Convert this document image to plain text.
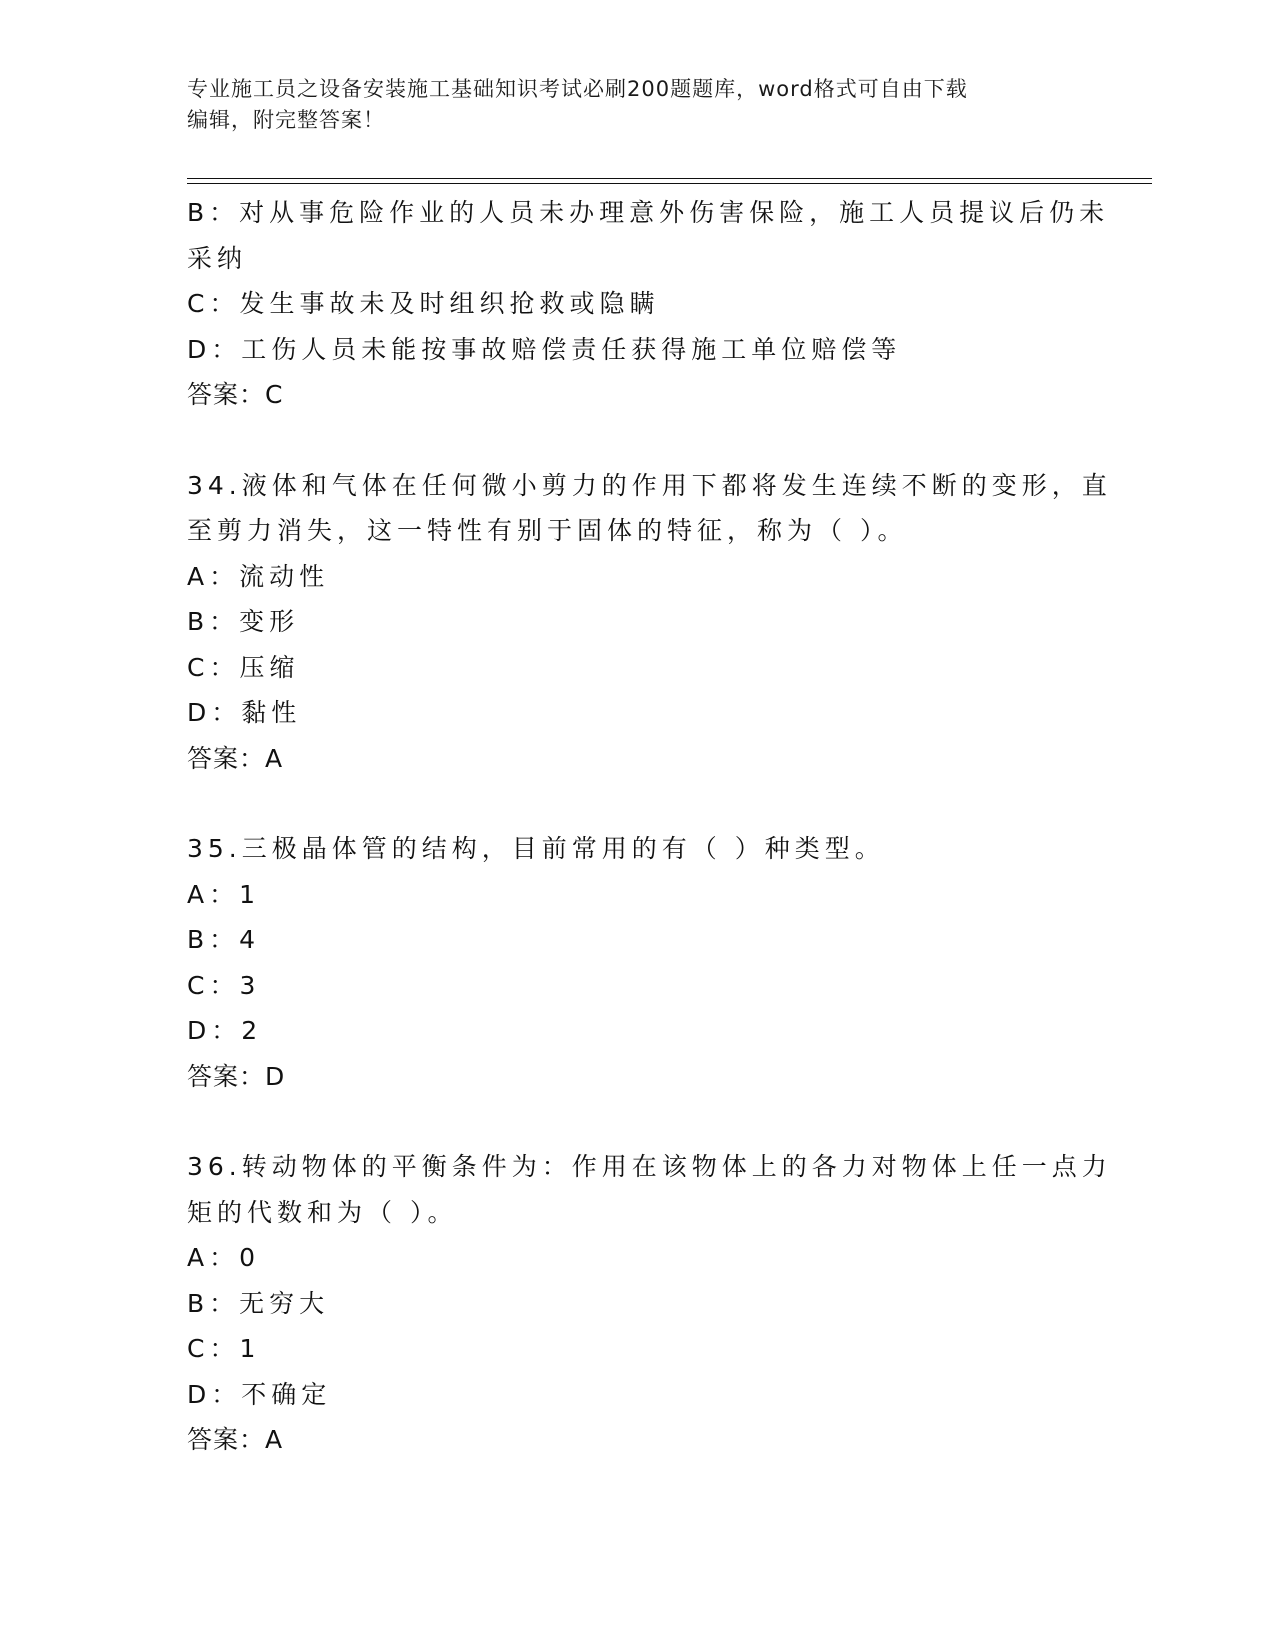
专业施工员之设备安装施工基础知识考试必刷200题题库，word格式可自由下载
编辑，附完整答案！
B：对从事危险作业的人员未办理意外伤害保险，施工人员提议后仍未
采纳
C：发生事故未及时组织抢救或隐瞒
D：工伤人员未能按事故赔偿责任获得施工单位赔偿等
答案：C
34.液体和气体在任何微小剪力的作用下都将发生连续不断的变形，直
至剪力消失，这一特性有别于固体的特征，称为（ ）。
A：流动性
B：变形
C：压缩
D：黏性
答案：A
35.三极晶体管的结构，目前常用的有（ ）种类型。
A：1
B：4
C：3
D：2
答案：D
36.转动物体的平衡条件为：作用在该物体上的各力对物体上任一点力
矩的代数和为（ ）。
A：0
B：无穷大
C：1
D：不确定
答案：A
